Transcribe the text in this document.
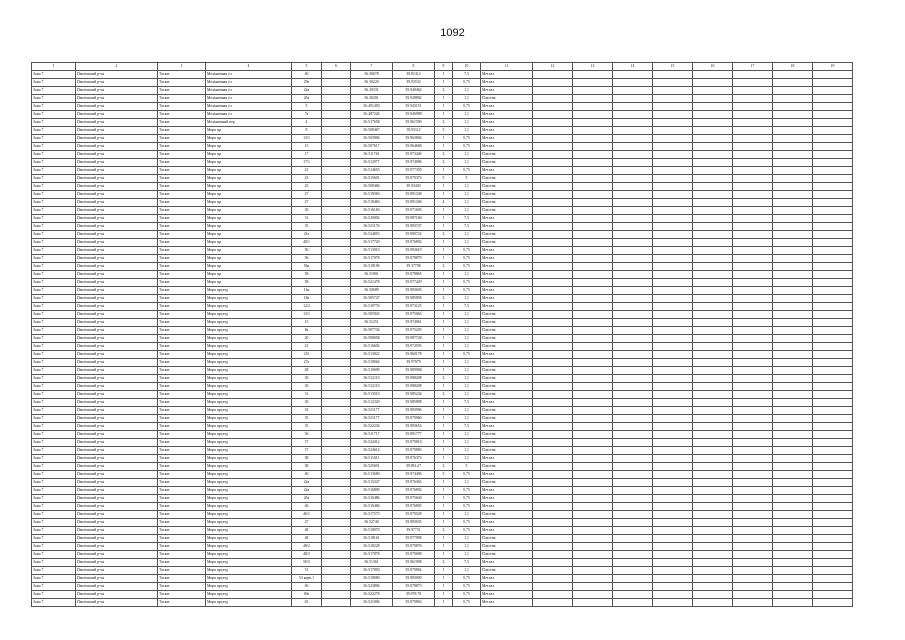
1092
1	2	3	4	5	6	7	8	9	10	11	12	13	14	15	16	17	18	19
Зона 7	Пензенский р-он	Таскат	Мельничная ул	40		56.30678	39.81412	1	7,5	Металл								
Зона 7	Пензенский р-он	Таскат	Мельничная ул	29а		56.30220	39.93532	1	0,75	Металл								
Зона 7	Пензенский р-он	Таскат	Мельничная ул	42а		56.30331	39.940462	2	1,1	Металл								
Зона 7	Пензенский р-он	Таскат	Мельничная ул	45а		56.30201	39.928802	1	1,1	Пластик								
Зона 7	Пензенский р-он	Таскат	Мельничная ул	5		56.491450	39.943151	1	0,75	Металл								
Зона 7	Пензенский р-он	Таскат	Мельничная ул	7а		56.487226	39.946988	1	1,1	Металл								
Зона 7	Пензенский р-он	Таскат	Мельничный пер	4		56.517658	39.961590	2	1,1	Металл								
Зона 7	Пензенский р-он	Таскат	Мира пр	8		56.508467	39.93112	3	1,1	Металл								
Зона 7	Пензенский р-он	Таскат	Мира пр	13/1		56.503906	39.963804	1	0,75	Металл								
Зона 7	Пензенский р-он	Таскат	Мира пр	15		56.507617	39.964668	1	0,75	Металл								
Зона 7	Пензенский р-он	Таскат	Мира пр	17		56.511761	39.973446	2	1,1	Пластик								
Зона 7	Пензенский р-он	Таскат	Мира пр	17/1		56.512977	39.974096	2	1,1	Пластик								
Зона 7	Пензенский р-он	Таскат	Мира пр	21		56.514655	39.977359	1	0,75	Металл								
Зона 7	Пензенский р-он	Таскат	Мира пр	23		56.515601	39.979373	5	5	Пластик								
Зона 7	Пензенский р-он	Таскат	Мира пр	25		56.509466	39.93403	1	1,1	Пластик								
Зона 7	Пензенский р-он	Таскат	Мира пр	27		56.518360	39.981348	1	1,1	Пластик								
Зона 7	Пензенский р-он	Таскат	Мира пр	27		56.518460	39.981346	4	1,1	Пластик								
Зона 7	Пензенский р-он	Таскат	Мира пр	30		56.516160	39.971603	1	1,1	Пластик								
Зона 7	Пензенский р-он	Таскат	Мира пр	31		56.520002	39.987160	1	7,5	Металл								
Зона 7	Пензенский р-он	Таскат	Мира пр	35		56.521176	39.983747	1	7,5	Металл								
Зона 7	Пензенский р-он	Таскат	Мира пр	41а		56.524853	39.990724	2	1,1	Пластик								
Зона 7	Пензенский р-он	Таскат	Мира пр	40/1		56.517720	39.976892	1	1,1	Пластик								
Зона 7	Пензенский р-он	Таскат	Мира пр	50		56.513019	39.993619	1	0,75	Металл								
Зона 7	Пензенский р-он	Таскат	Мира пр	56		56.517078	39.978879	1	0,75	Металл								
Зона 7	Пензенский р-он	Таскат	Мира пр	56а		56.518196	39.37798	2	0,75	Металл								
Зона 7	Пензенский р-он	Таскат	Мира пр	58		56.51801	39.978865	1	1,1	Металл								
Зона 7	Пензенский р-он	Таскат	Мира пр	58		56.521478	39.977429	1	0,75	Металл								
Зона 7	Пензенский р-он	Таскат	Мира проезд	16а		56.50689	39.983603	1	0,75	Металл								
Зона 7	Пензенский р-он	Таскат	Мира проезд	18а		56.505747	39.985858	2	1,1	Металл								
Зона 7	Пензенский р-он	Таскат	Мира проезд	12/2		56.510776	39.973125	1	7,5	Металл								
Зона 7	Пензенский р-он	Таскат	Мира проезд	13/1		56.505943	39.975063	1	1,1	Пластик								
Зона 7	Пензенский р-он	Таскат	Мира проезд	15		56.51251	39.974061	1	1,1	Пластик								
Зона 7	Пензенский р-он	Таскат	Мира проезд	8а		56.507734	39.975205	1	1,1	Пластик								
Зона 7	Пензенский р-он	Таскат	Мира проезд	20		56.508058	39.987728	1	1,1	Пластик								
Зона 7	Пензенский р-он	Таскат	Мира проезд	21		56.516602	39.972593	1	1,1	Пластик								
Зона 7	Пензенский р-он	Таскат	Мира проезд	21б		56.513822	39.960178	1	0,75	Металл								
Зона 7	Пензенский р-он	Таскат	Мира проезд	27а		56.518064	39.97979	1	1,1	Пластик								
Зона 7	Пензенский р-он	Таскат	Мира проезд	28		56.510609	39.989968	1	1,1	Пластик								
Зона 7	Пензенский р-он	Таскат	Мира проезд	30		56.512119	39.988208	2	1,1	Пластик								
Зона 7	Пензенский р-он	Таскат	Мира проезд	30		56.512119	39.988208	1	1,1	Пластик								
Зона 7	Пензенский р-он	Таскат	Мира проезд	31		56.513519	39.985234	2	1,1	Пластик								
Зона 7	Пензенский р-он	Таскат	Мира проезд	30		56.512320	39.985898	1	7,5	Металл								
Зона 7	Пензенский р-он	Таскат	Мира проезд	33		56.521177	39.983996	1	1,1	Пластик								
Зона 7	Пензенский р-он	Таскат	Мира проезд	35		56.521177	39.979960	1	1,1	Пластик								
Зона 7	Пензенский р-он	Таскат	Мира проезд	35		56.522234	39.983654	1	7,5	Металл								
Зона 7	Пензенский р-он	Таскат	Мира проезд	36		56.511717	39.981777	1	1,1	Пластик								
Зона 7	Пензенский р-он	Таскат	Мира проезд	37		56.524412	39.979810	1	1,1	Пластик								
Зона 7	Пензенский р-он	Таскат	Мира проезд	37		56.524614	39.979883	1	1,1	Пластик								
Зона 7	Пензенский р-он	Таскат	Мира проезд	38		56.511611	39.976373	1	1,1	Металл								
Зона 7	Пензенский р-он	Таскат	Мира проезд	38		56.525691	39.981.27	2	5	Пластик								
Зона 7	Пензенский р-он	Таскат	Мира проезд	40		56.513680	39.974496	3	0,75	Металл								
Зона 7	Пензенский р-он	Таскат	Мира проезд	42а		56.515347	39.976363	1	1,1	Пластик								
Зона 7	Пензенский р-он	Таскат	Мира проезд	42а		56.516809	39.976892	1	0,75	Металл								
Зона 7	Пензенский р-он	Таскат	Мира проезд	45а		56.516486	39.975640	1	0,75	Металл								
Зона 7	Пензенский р-он	Таскат	Мира проезд	46		56.516466	39.976805	1	0,75	Металл								
Зона 7	Пензенский р-он	Таскат	Мира проезд	46/1		56.517575	39.979528	1	1,1	Пластик								
Зона 7	Пензенский р-он	Таскат	Мира проезд	47		56.52740	39.983035	1	0,75	Металл								
Зона 7	Пензенский р-он	Таскат	Мира проезд	48		56.518070	39.97751	2	0,75	Металл								
Зона 7	Пензенский р-он	Таскат	Мира проезд	48		56.518161	39.977998	1	1,1	Пластик								
Зона 7	Пензенский р-он	Таскат	Мира проезд	48/2		56.518228	39.979876	1	1,1	Пластик								
Зона 7	Пензенский р-он	Таскат	Мира проезд	48/3		56.517878	39.979698	1	1,1	Пластик								
Зона 7	Пензенский р-он	Таскат	Мира проезд	50/3		56.51361	39.961098	2	7,5	Металл								
Зона 7	Пензенский р-он	Таскат	Мира проезд	51		56.517850	39.979864	1	1,1	Пластик								
Зона 7	Пензенский р-он	Таскат	Мира проезд	53 корп.1		56.518080	39.983009	1	0,75	Металл								
Зона 7	Пензенский р-он	Таскат	Мира проезд	60		56.523806	39.978873	1	0,75	Металл								
Зона 7	Пензенский р-он	Таскат	Мира проезд	69а		56.522278	39.978.79	1	0,75	Металл								
Зона 7	Пензенский р-он	Таскат	Мира проезд	65		56.521006	39.979863	1	0,75	Металл								
